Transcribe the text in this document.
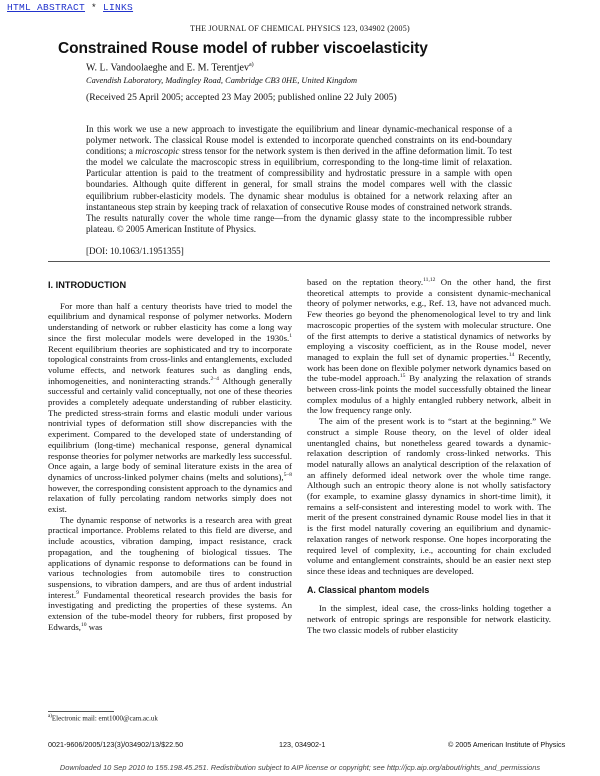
HTML ABSTRACT * LINKS
THE JOURNAL OF CHEMICAL PHYSICS 123, 034902 (2005)
Constrained Rouse model of rubber viscoelasticity
W. L. Vandoolaeghe and E. M. Terentjev$^{a)}$
Cavendish Laboratory, Madingley Road, Cambridge CB3 0HE, United Kingdom
(Received 25 April 2005; accepted 23 May 2005; published online 22 July 2005)
In this work we use a new approach to investigate the equilibrium and linear dynamic-mechanical response of a polymer network. The classical Rouse model is extended to incorporate quenched constraints on its end-boundary conditions; a microscopic stress tensor for the network system is then derived in the affine deformation limit. To test the model we calculate the macroscopic stress in equilibrium, corresponding to the long-time limit of relaxation. Particular attention is paid to the treatment of compressibility and hydrostatic pressure in a sample with open boundaries. Although quite different in general, for small strains the model compares well with the classic equilibrium rubber-elasticity models. The dynamic shear modulus is obtained for a network relaxing after an instantaneous step strain by keeping track of relaxation of consecutive Rouse modes of constrained network strands. The results naturally cover the whole time range—from the dynamic glassy state to the incompressible rubber plateau. © 2005 American Institute of Physics.
[DOI: 10.1063/1.1951355]
I. INTRODUCTION

For more than half a century theorists have tried to model the equilibrium and dynamical response of polymer networks. Modern understanding of network or rubber elasticity has come a long way since the first molecular models were developed in the 1930s.$^1$ Recent equilibrium theories are sophisticated and try to incorporate topological constraints from cross-links and entanglements, excluded volume effects, and network features such as dangling ends, inhomogeneities, and noninteracting strands.$^{2-4}$ Although generally successful and certainly valid conceptually, not one of these theories provides a completely adequate understanding of rubber elasticity. The predicted stress-strain forms and elastic moduli under various nontrivial types of deformation still show discrepancies with the experiment. Compared to the developed state of understanding of equilibrium (long-time) mechanical response, general dynamical response theories for polymer networks are markedly less successful. Once again, a large body of seminal literature exists in the area of dynamics of uncross-linked polymer chains (melts and solutions),$^{5-8}$ however, the corresponding consistent approach to the dynamics and relaxation of fully percolating random networks simply does not exist.

The dynamic response of networks is a research area with great practical importance. Problems related to this field are diverse, and include acoustics, vibration damping, impact resistance, crack propagation, and the toughening of biological tissues. The applications of dynamic response to deformations can be found in various technologies from automobile tires to construction suspensions, to vibration dampers, and are thus of ardent industrial interest.$^9$ Fundamental theoretical research provides the basis for investigating and predicting the properties of these systems. An extension of the tube-model theory for rubbers, first proposed by Edwards,$^{10}$ was

based on the reptation theory.$^{11,12}$ On the other hand, the first theoretical attempts to provide a consistent dynamic-mechanical theory of polymer networks, e.g., Ref. 13, have not advanced much. Few theories go beyond the phenomenological level to try and link macroscopic properties of the system with molecular structure. One of the first attempts to derive a statistical dynamics of networks by employing a viscosity coefficient, as in the Rouse model, never managed to explain the full set of dynamic properties.$^{14}$ Recently, work has been done on flexible polymer network dynamics based on the tube-model approach.$^{15}$ By analyzing the relaxation of strands between cross-link points the model successfully obtained the linear complex modulus of a highly entangled rubbery network, albeit in the low frequency range only.

The aim of the present work is to “start at the beginning.” We construct a simple Rouse theory, on the level of older ideal unentangled chains, but nonetheless geared towards a dynamic-relaxation description of randomly cross-linked networks. This model naturally allows an analytical description of the relaxation of an affinely deformed ideal network over the whole time range. Although such an entropic theory alone is not wholly satisfactory (for example, to examine glassy dynamics in short-time limit), it remains a self-consistent and interesting model to work with. The merit of the present constrained dynamic Rouse model lies in that it is the first model naturally covering an equilibrium and dynamic-relaxation ranges of network response. One hopes incorporating the required level of complexity, i.e., accounting for chain excluded volume and entanglement constraints, should be an easier next step since these ideas and techniques are developed.

A. Classical phantom models

In the simplest, ideal case, the cross-links holding together a network of entropic springs are responsible for network elasticity. The two classic models of rubber elasticity

$^{a)}$Electronic mail: emt1000@cam.ac.uk
0021-9606/2005/123(3)/034902/13/$22.50	123, 034902-1	© 2005 American Institute of Physics
Downloaded 10 Sep 2010 to 155.198.45.251. Redistribution subject to AIP license or copyright; see http://jcp.aip.org/about/rights_and_permissions
